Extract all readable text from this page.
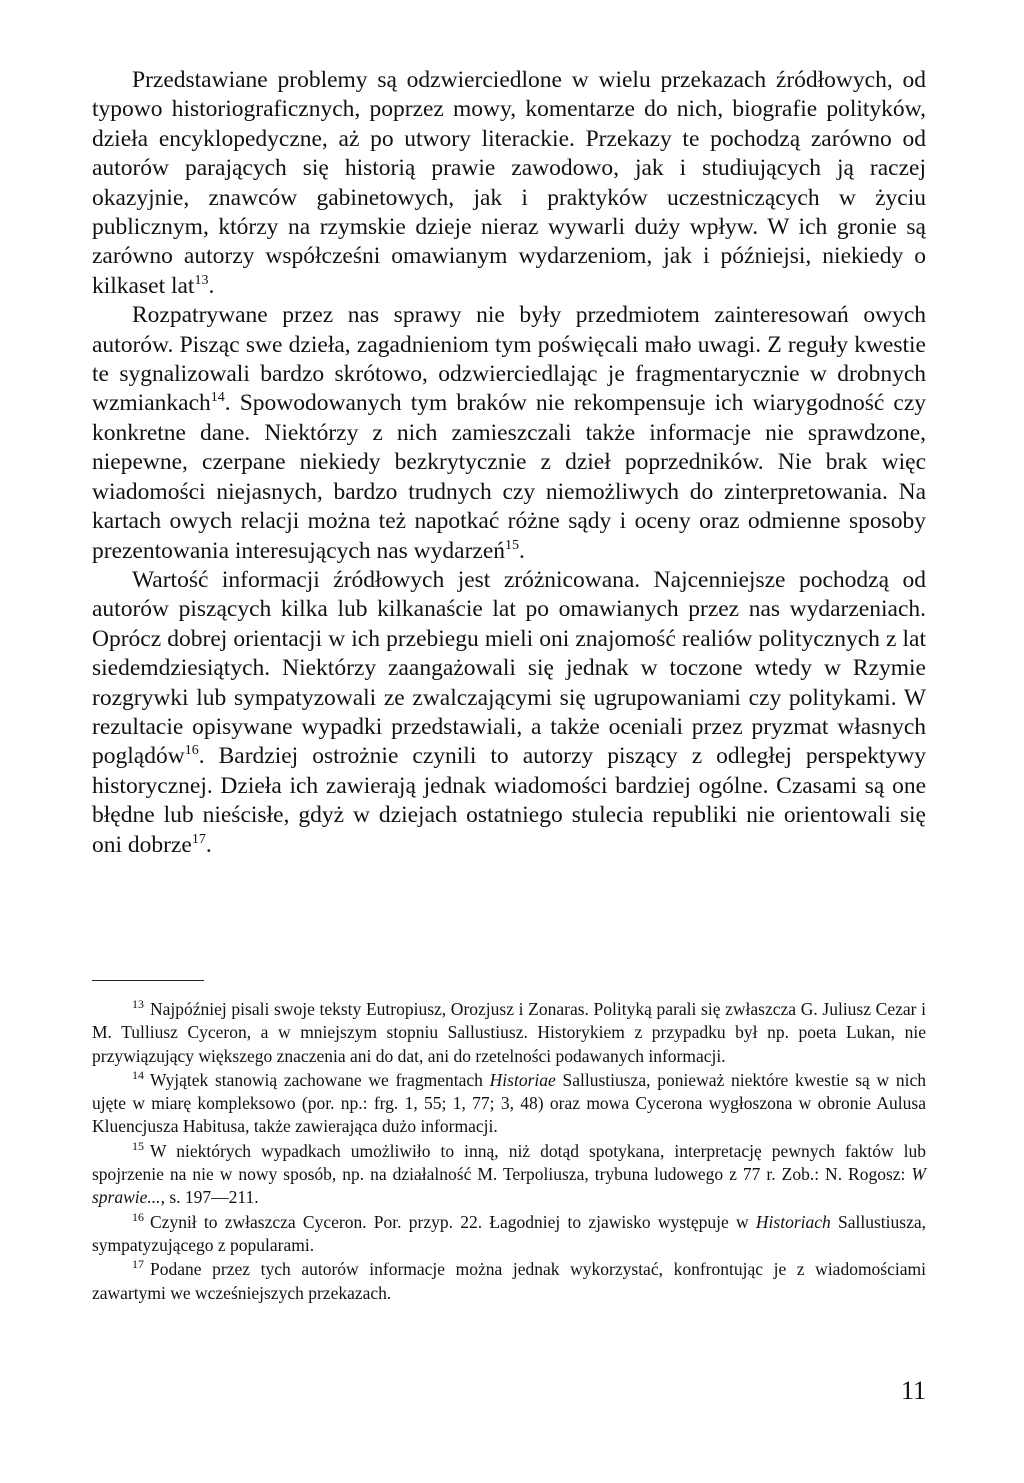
Przedstawiane problemy są odzwierciedlone w wielu przekazach źródłowych, od typowo historiograficznych, poprzez mowy, komentarze do nich, biografie polityków, dzieła encyklopedyczne, aż po utwory literackie. Przekazy te pochodzą zarówno od autorów parających się historią prawie zawodowo, jak i studiujących ją raczej okazyjnie, znawców gabinetowych, jak i praktyków uczestniczących w życiu publicznym, którzy na rzymskie dzieje nieraz wywarli duży wpływ. W ich gronie są zarówno autorzy współcześni omawianym wydarzeniom, jak i późniejsi, niekiedy o kilkaset lat$^{13}$.

Rozpatrywane przez nas sprawy nie były przedmiotem zainteresowań owych autorów. Pisząc swe dzieła, zagadnieniom tym poświęcali mało uwagi. Z reguły kwestie te sygnalizowali bardzo skrótowo, odzwierciedlając je fragmentarycznie w drobnych wzmiankach$^{14}$. Spowodowanych tym braków nie rekompensuje ich wiarygodność czy konkretne dane. Niektórzy z nich zamieszczali także informacje nie sprawdzone, niepewne, czerpane niekiedy bezkrytycznie z dzieł poprzedników. Nie brak więc wiadomości niejasnych, bardzo trudnych czy niemożliwych do zinterpretowania. Na kartach owych relacji można też napotkać różne sądy i oceny oraz odmienne sposoby prezentowania interesujących nas wydarzeń$^{15}$.

Wartość informacji źródłowych jest zróżnicowana. Najcenniejsze pochodzą od autorów piszących kilka lub kilkanaście lat po omawianych przez nas wydarzeniach. Oprócz dobrej orientacji w ich przebiegu mieli oni znajomość realiów politycznych z lat siedemdziesiątych. Niektórzy zaangażowali się jednak w toczone wtedy w Rzymie rozgrywki lub sympatyzowali ze zwalczającymi się ugrupowaniami czy politykami. W rezultacie opisywane wypadki przedstawiali, a także oceniali przez pryzmat własnych poglądów$^{16}$. Bardziej ostrożnie czynili to autorzy piszący z odległej perspektywy historycznej. Dzieła ich zawierają jednak wiadomości bardziej ogólne. Czasami są one błędne lub nieścisłe, gdyż w dziejach ostatniego stulecia republiki nie orientowali się oni dobrze$^{17}$.

$^{13}$ Najpóźniej pisali swoje teksty Eutropiusz, Orozjusz i Zonaras. Polityką parali się zwłaszcza G. Juliusz Cezar i M. Tulliusz Cyceron, a w mniejszym stopniu Sallustiusz. Historykiem z przypadku był np. poeta Lukan, nie przywiązujący większego znaczenia ani do dat, ani do rzetelności podawanych informacji.

$^{14}$ Wyjątek stanowią zachowane we fragmentach Historiae Sallustiusza, ponieważ niektóre kwestie są w nich ujęte w miarę kompleksowo (por. np.: frg. 1, 55; 1, 77; 3, 48) oraz mowa Cycerona wygłoszona w obronie Aulusa Kluencjusza Habitusa, także zawierająca dużo informacji.

$^{15}$ W niektórych wypadkach umożliwiło to inną, niż dotąd spotykana, interpretację pewnych faktów lub spojrzenie na nie w nowy sposób, np. na działalność M. Terpoliusza, trybuna ludowego z 77 r. Zob.: N. Rogosz: W sprawie..., s. 197—211.

$^{16}$ Czynił to zwłaszcza Cyceron. Por. przyp. 22. Łagodniej to zjawisko występuje w Historiach Sallustiusza, sympatyzującego z popularami.

$^{17}$ Podane przez tych autorów informacje można jednak wykorzystać, konfrontując je z wiadomościami zawartymi we wcześniejszych przekazach.

11
